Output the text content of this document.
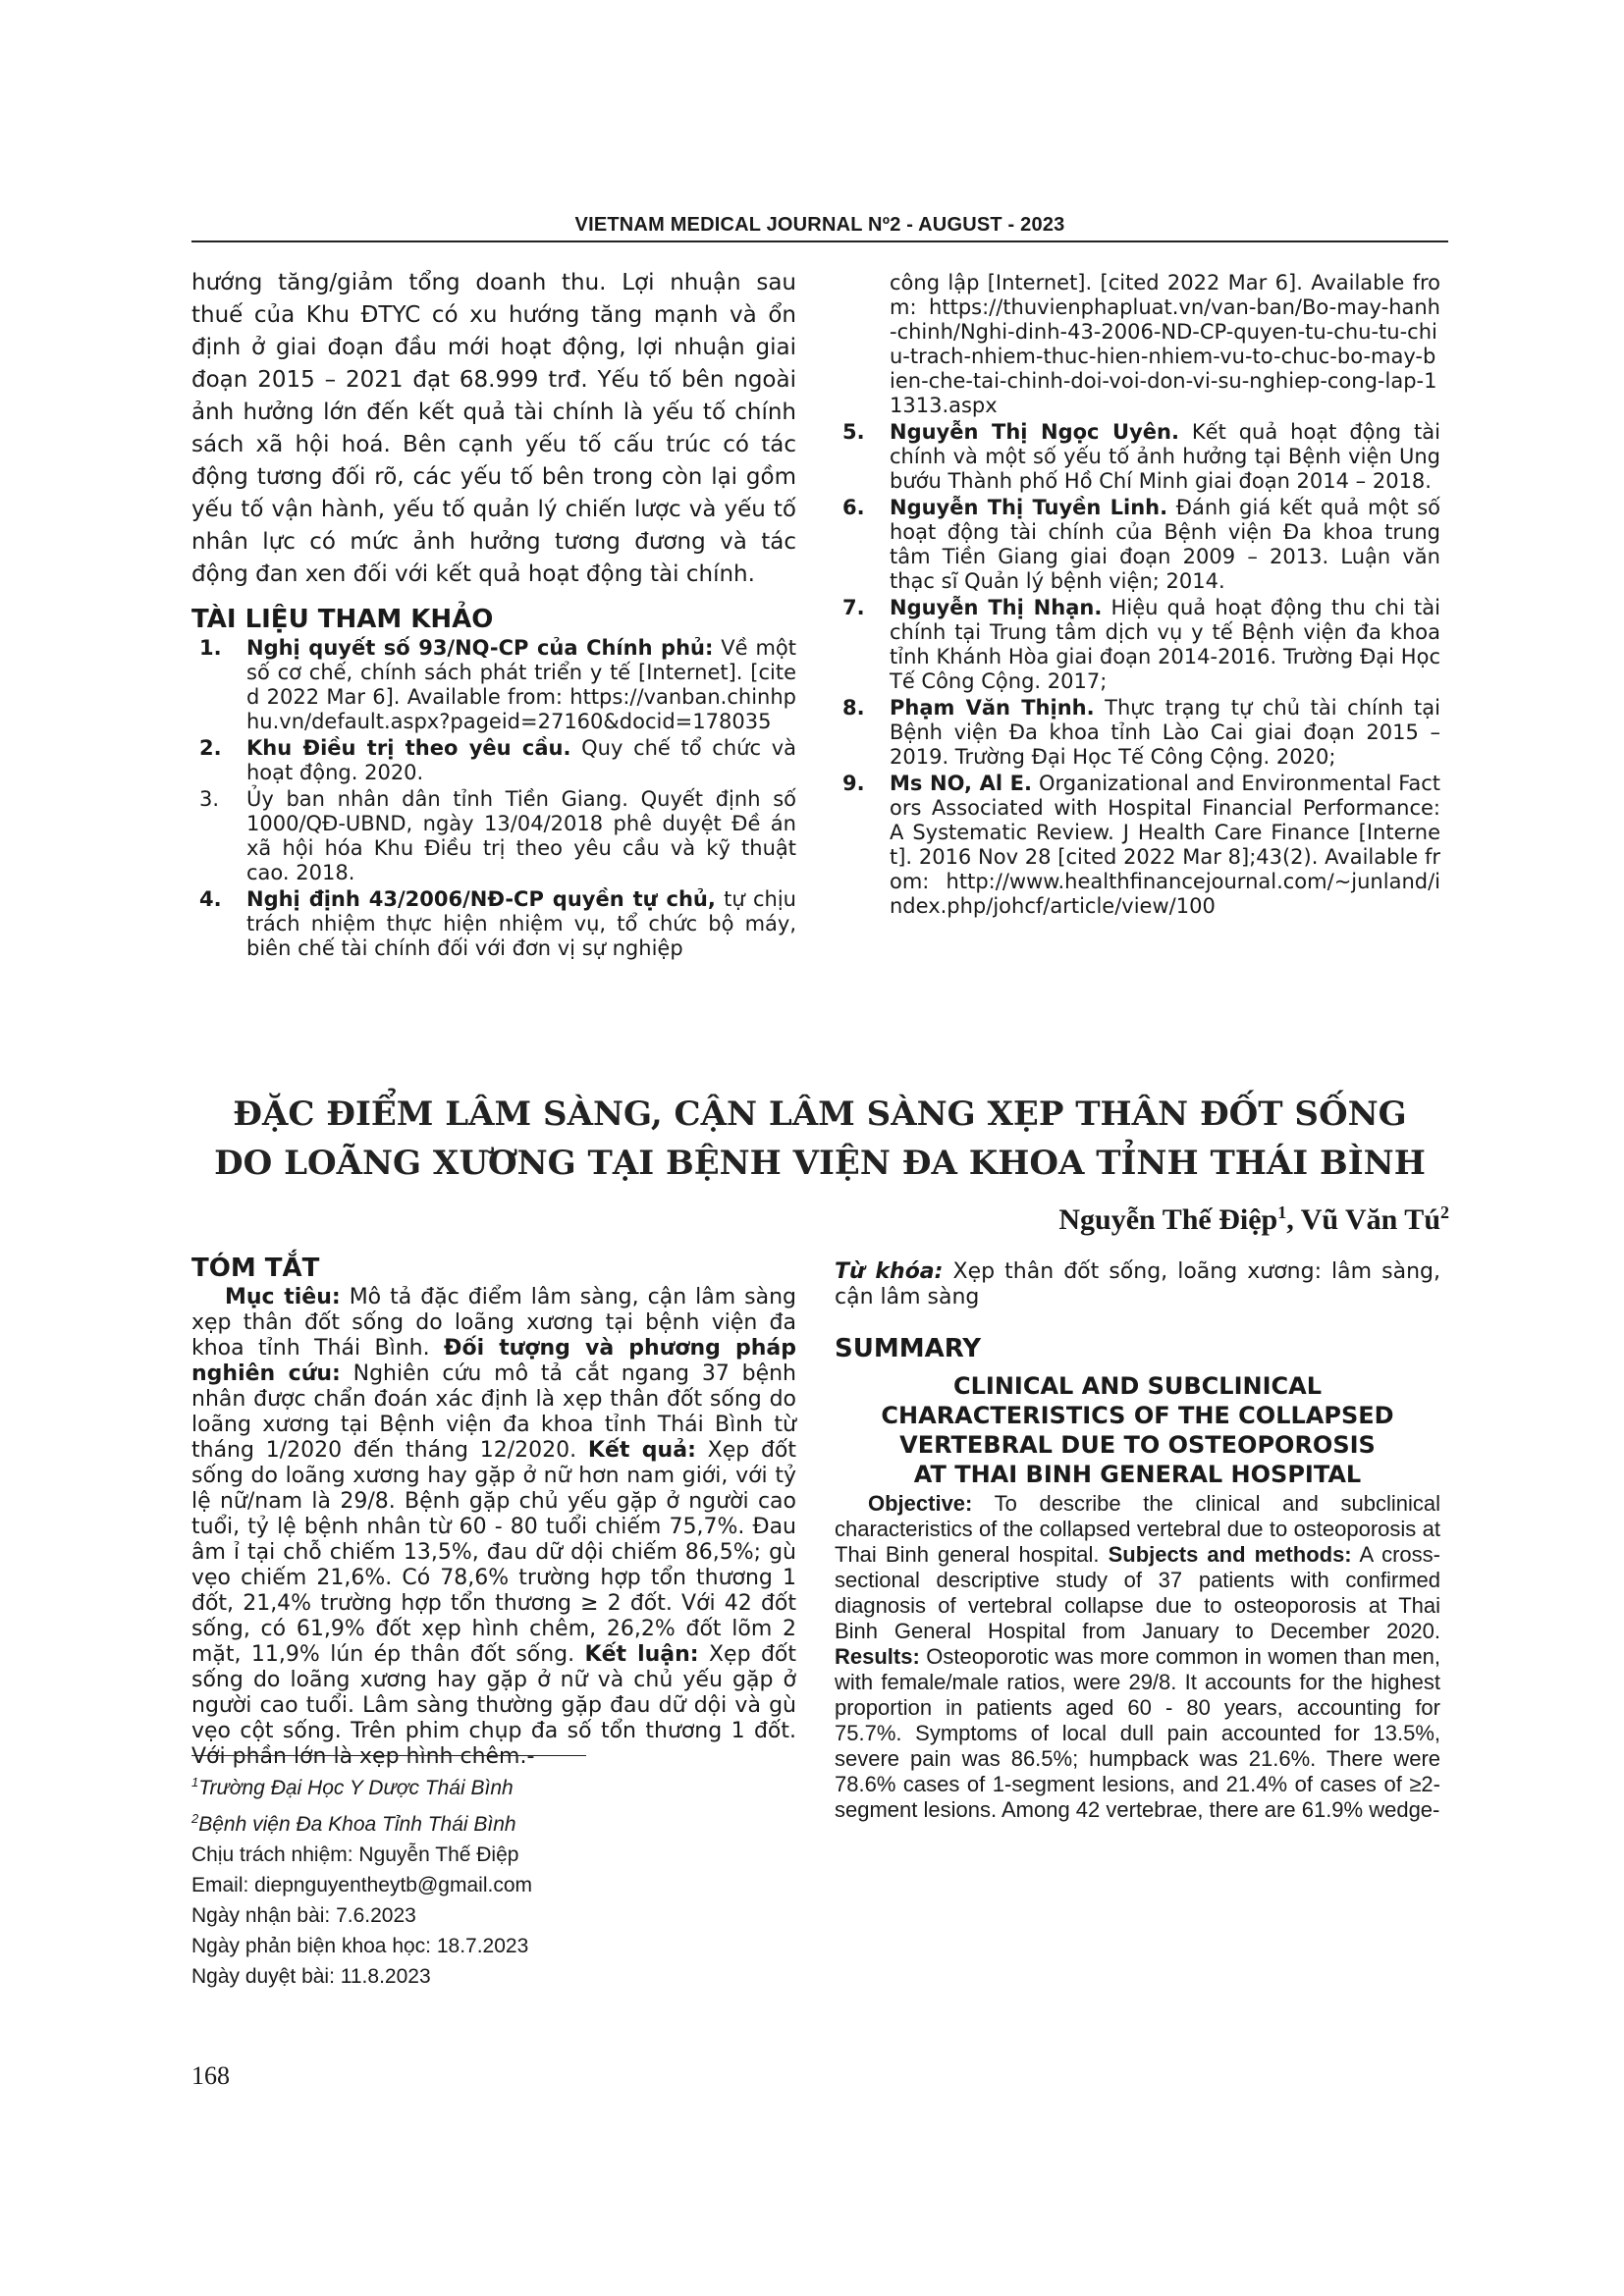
VIETNAM MEDICAL JOURNAL Nº2 - AUGUST - 2023

hướng tăng/giảm tổng doanh thu. Lợi nhuận sau thuế của Khu ĐTYC có xu hướng tăng mạnh và ổn định ở giai đoạn đầu mới hoạt động, lợi nhuận giai đoạn 2015 – 2021 đạt 68.999 trđ. Yếu tố bên ngoài ảnh hưởng lớn đến kết quả tài chính là yếu tố chính sách xã hội hoá. Bên cạnh yếu tố cấu trúc có tác động tương đối rõ, các yếu tố bên trong còn lại gồm yếu tố vận hành, yếu tố quản lý chiến lược và yếu tố nhân lực có mức ảnh hưởng tương đương và tác động đan xen đối với kết quả hoạt động tài chính.

TÀI LIỆU THAM KHẢO
1. Nghị quyết số 93/NQ-CP của Chính phủ: Về một số cơ chế, chính sách phát triển y tế [Internet]. [cited 2022 Mar 6]. Available from: https://vanban.chinhphu.vn/default.aspx?pageid=27160&docid=178035
2. Khu Điều trị theo yêu cầu. Quy chế tổ chức và hoạt động. 2020.
3. Ủy ban nhân dân tỉnh Tiền Giang. Quyết định số 1000/QĐ-UBND, ngày 13/04/2018 phê duyệt Đề án xã hội hóa Khu Điều trị theo yêu cầu và kỹ thuật cao. 2018.
4. Nghị định 43/2006/NĐ-CP quyền tự chủ, tự chịu trách nhiệm thực hiện nhiệm vụ, tổ chức bộ máy, biên chế tài chính đối với đơn vị sự nghiệp
công lập [Internet]. [cited 2022 Mar 6]. Available from: https://thuvienphapluat.vn/van-ban/Bo-may-hanh-chinh/Nghi-dinh-43-2006-ND-CP-quyen-tu-chu-tu-chiu-trach-nhiem-thuc-hien-nhiem-vu-to-chuc-bo-may-bien-che-tai-chinh-doi-voi-don-vi-su-nghiep-cong-lap-11313.aspx
5. Nguyễn Thị Ngọc Uyên. Kết quả hoạt động tài chính và một số yếu tố ảnh hưởng tại Bệnh viện Ung bướu Thành phố Hồ Chí Minh giai đoạn 2014 – 2018.
6. Nguyễn Thị Tuyền Linh. Đánh giá kết quả một số hoạt động tài chính của Bệnh viện Đa khoa trung tâm Tiền Giang giai đoạn 2009 – 2013. Luận văn thạc sĩ Quản lý bệnh viện; 2014.
7. Nguyễn Thị Nhạn. Hiệu quả hoạt động thu chi tài chính tại Trung tâm dịch vụ y tế Bệnh viện đa khoa tỉnh Khánh Hòa giai đoạn 2014-2016. Trường Đại Học Tế Công Cộng. 2017;
8. Phạm Văn Thịnh. Thực trạng tự chủ tài chính tại Bệnh viện Đa khoa tỉnh Lào Cai giai đoạn 2015 – 2019. Trường Đại Học Tế Công Cộng. 2020;
9. Ms NO, Al E. Organizational and Environmental Factors Associated with Hospital Financial Performance: A Systematic Review. J Health Care Finance [Internet]. 2016 Nov 28 [cited 2022 Mar 8];43(2). Available from: http://www.healthfinancejournal.com/~junland/index.php/johcf/article/view/100
ĐẶC ĐIỂM LÂM SÀNG, CẬN LÂM SÀNG XẸP THÂN ĐỐT SỐNG
DO LOÃNG XƯƠNG TẠI BỆNH VIỆN ĐA KHOA TỈNH THÁI BÌNH
Nguyễn Thế Điệp$^1$, Vũ Văn $Tú^2$
TÓM TẮT

Mục tiêu: Mô tả đặc điểm lâm sàng, cận lâm sàng xẹp thân đốt sống do loãng xương tại bệnh viện đa khoa tỉnh Thái Bình. Đối tượng và phương pháp nghiên cứu: Nghiên cứu mô tả cắt ngang 37 bệnh nhân được chẩn đoán xác định là xẹp thân đốt sống do loãng xương tại Bệnh viện đa khoa tỉnh Thái Bình từ tháng 1/2020 đến tháng 12/2020. Kết quả: Xẹp đốt sống do loãng xương hay gặp ở nữ hơn nam giới, với tỷ lệ nữ/nam là 29/8. Bệnh gặp chủ yếu gặp ở người cao tuổi, tỷ lệ bệnh nhân từ 60 - 80 tuổi chiếm 75,7%. Đau âm ỉ tại chỗ chiếm 13,5%, đau dữ dội chiếm 86,5%; gù vẹo chiếm 21,6%. Có 78,6% trường hợp tổn thương 1 đốt, 21,4% trường hợp tổn thương ≥ 2 đốt. Với 42 đốt sống, có 61,9% đốt xẹp hình chêm, 26,2% đốt lõm 2 mặt, 11,9% lún ép thân đốt sống. Kết luận: Xẹp đốt sống do loãng xương hay gặp ở nữ và chủ yếu gặp ở người cao tuổi. Lâm sàng thường gặp đau dữ dội và gù vẹo cột sống. Trên phim chụp đa số tổn thương 1 đốt. Với phần lớn là xẹp hình chêm.-

Từ khóa: Xẹp thân đốt sống, loãng xương: lâm sàng, cận lâm sàng

SUMMARY
CLINICAL AND SUBCLINICAL
CHARACTERISTICS OF THE COLLAPSED
VERTEBRAL DUE TO OSTEOPOROSIS
AT THAI BINH GENERAL HOSPITAL

Objective: To describe the clinical and subclinical characteristics of the collapsed vertebral due to osteoporosis at Thai Binh general hospital. Subjects and methods: A cross-sectional descriptive study of 37 patients with confirmed diagnosis of vertebral collapse due to osteoporosis at Thai Binh General Hospital from January to December 2020. Results: Osteoporotic was more common in women than men, with female/male ratios, were 29/8. It accounts for the highest proportion in patients aged 60 - 80 years, accounting for 75.7%. Symptoms of local dull pain accounted for 13.5%, severe pain was 86.5%; humpback was 21.6%. There were 78.6% cases of 1-segment lesions, and 21.4% of cases of ≥2-segment lesions. Among 42 vertebrae, there are 61.9% wedge-

$^1$Trường Đại Học Y Dược Thái Bình
$^2$Bệnh viện Đa Khoa Tỉnh Thái Bình
Chịu trách nhiệm: Nguyễn Thế Điệp
Email: diepnguyentheytb@gmail.com
Ngày nhận bài: 7.6.2023
Ngày phản biện khoa học: 18.7.2023
Ngày duyệt bài: 11.8.2023
168
